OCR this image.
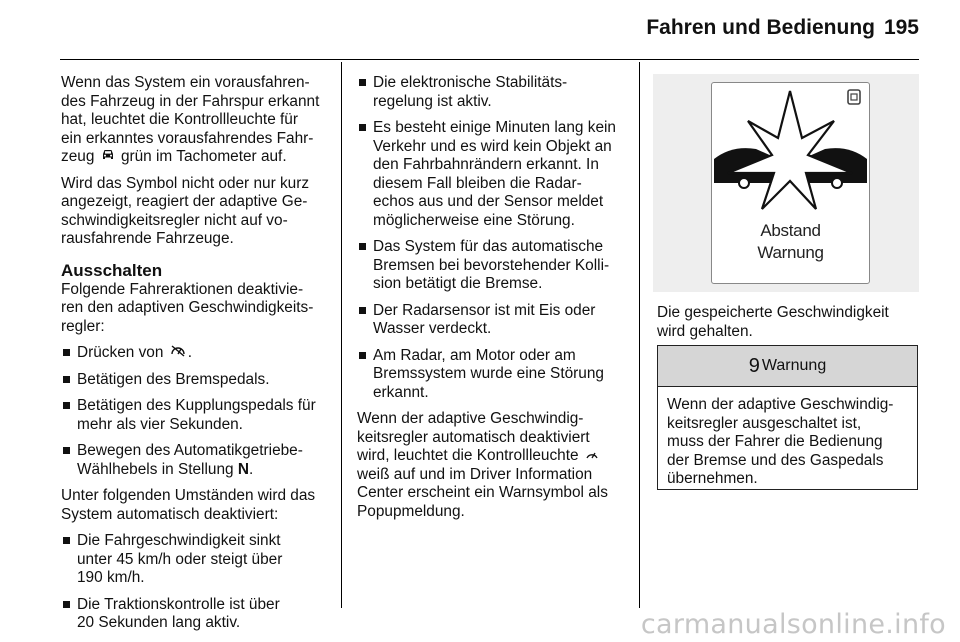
Fahren und Bedienung 195

Wenn das System ein vorausfahren-
des Fahrzeug in der Fahrspur erkannt
hat, leuchtet die Kontrollleuchte für
ein erkanntes vorausfahrendes Fahr-
zeug grün im Tachometer auf.

Wird das Symbol nicht oder nur kurz
angezeigt, reagiert der adaptive Ge-
schwindigkeitsregler nicht auf vo-
rausfahrende Fahrzeuge.

Ausschalten

Folgende Fahreraktionen deaktivie-
ren den adaptiven Geschwindigkeits-
regler:

Drücken von .
Betätigen des Bremspedals.
Betätigen des Kupplungspedals für
mehr als vier Sekunden.
Bewegen des Automatikgetriebe-
Wählhebels in Stellung N.

Unter folgenden Umständen wird das
System automatisch deaktiviert:

Die Fahrgeschwindigkeit sinkt
unter 45 km/h oder steigt über
190 km/h.
Die Traktionskontrolle ist über
20 Sekunden lang aktiv.
Die elektronische Stabilitäts-
regelung ist aktiv.
Es besteht einige Minuten lang kein
Verkehr und es wird kein Objekt an
den Fahrbahnrändern erkannt. In
diesem Fall bleiben die Radar-
echos aus und der Sensor meldet
möglicherweise eine Störung.
Das System für das automatische
Bremsen bei bevorstehender Kolli-
sion betätigt die Bremse.
Der Radarsensor ist mit Eis oder
Wasser verdeckt.
Am Radar, am Motor oder am
Bremssystem wurde eine Störung
erkannt.

Wenn der adaptive Geschwindig-
keitsregler automatisch deaktiviert
wird, leuchtet die Kontrollleuchte
weiß auf und im Driver Information
Center erscheint ein Warnsymbol als
Popupmeldung.

Abstand
Warnung
Die gespeicherte Geschwindigkeit
wird gehalten.
9 Warnung
Wenn der adaptive Geschwindig-
keitsregler ausgeschaltet ist,
muss der Fahrer die Bedienung
der Bremse und des Gaspedals
übernehmen.
carmanualsonline.info
